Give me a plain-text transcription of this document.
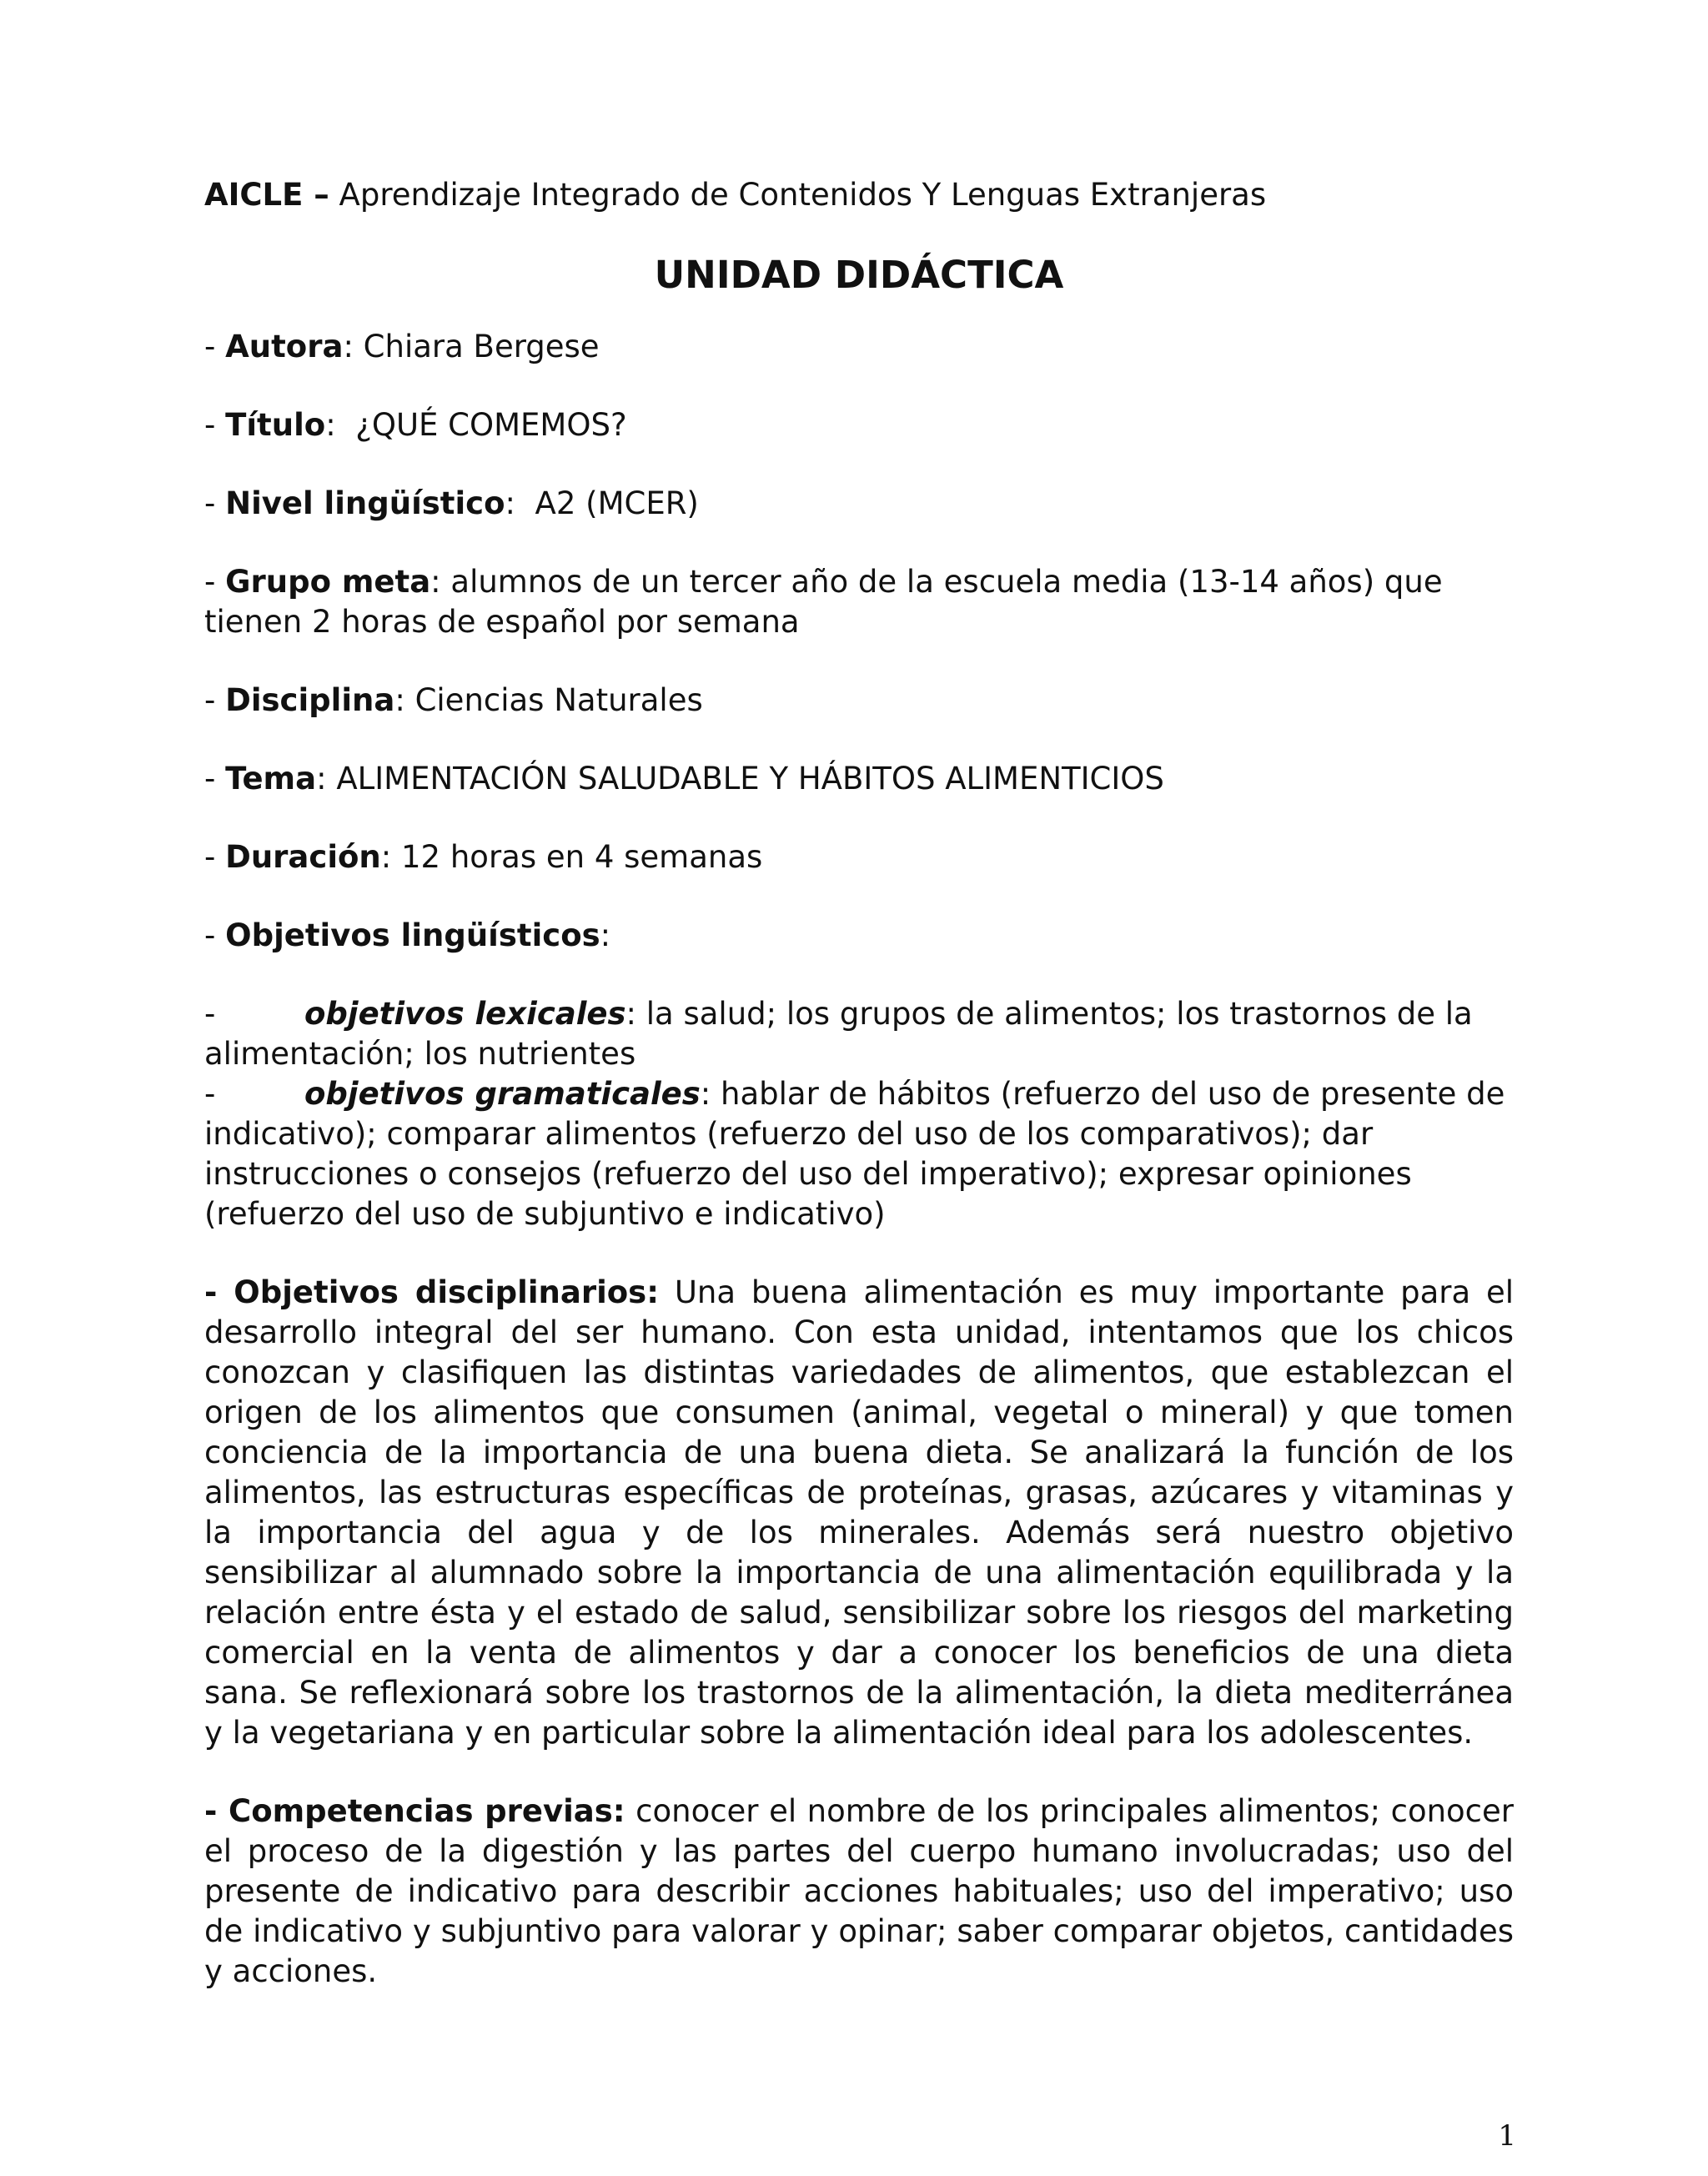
AICLE – Aprendizaje Integrado de Contenidos Y Lenguas Extranjeras

UNIDAD DIDÁCTICA

- Autora: Chiara Bergese

- Título:  ¿QUÉ COMEMOS?

- Nivel lingüístico:  A2 (MCER)

- Grupo meta: alumnos de un tercer año de la escuela media (13-14 años) que tienen 2 horas de español por semana

- Disciplina: Ciencias Naturales

- Tema: ALIMENTACIÓN SALUDABLE Y HÁBITOS ALIMENTICIOS

- Duración: 12 horas en 4 semanas

- Objetivos lingüísticos:

-	objetivos lexicales: la salud; los grupos de alimentos; los trastornos de la alimentación; los nutrientes

-	objetivos gramaticales: hablar de hábitos (refuerzo del uso de presente de indicativo); comparar alimentos (refuerzo del uso de los comparativos); dar instrucciones o consejos (refuerzo del uso del imperativo); expresar opiniones (refuerzo del uso de subjuntivo e indicativo)

- Objetivos disciplinarios: Una buena alimentación es muy importante para el desarrollo integral del ser humano. Con esta unidad, intentamos que los chicos conozcan y clasifiquen las distintas variedades de alimentos, que establezcan el origen de los alimentos que consumen (animal, vegetal o mineral) y que tomen conciencia de la importancia de una buena dieta. Se analizará la función de los alimentos, las estructuras específicas de proteínas, grasas, azúcares y vitaminas y la importancia del agua y de los minerales. Además será nuestro objetivo sensibilizar al alumnado sobre la importancia de una alimentación equilibrada y la relación entre ésta y el estado de salud, sensibilizar sobre los riesgos del marketing comercial en la venta de alimentos y dar a conocer los beneficios de una dieta sana. Se reflexionará sobre los trastornos de la alimentación, la dieta mediterránea y la vegetariana y en particular sobre la alimentación ideal para los adolescentes.

- Competencias previas: conocer el nombre de los principales alimentos; conocer el proceso de la digestión y las partes del cuerpo humano involucradas; uso del presente de indicativo para describir acciones habituales; uso del imperativo; uso de indicativo y subjuntivo para valorar y opinar; saber comparar objetos, cantidades y acciones.

1
